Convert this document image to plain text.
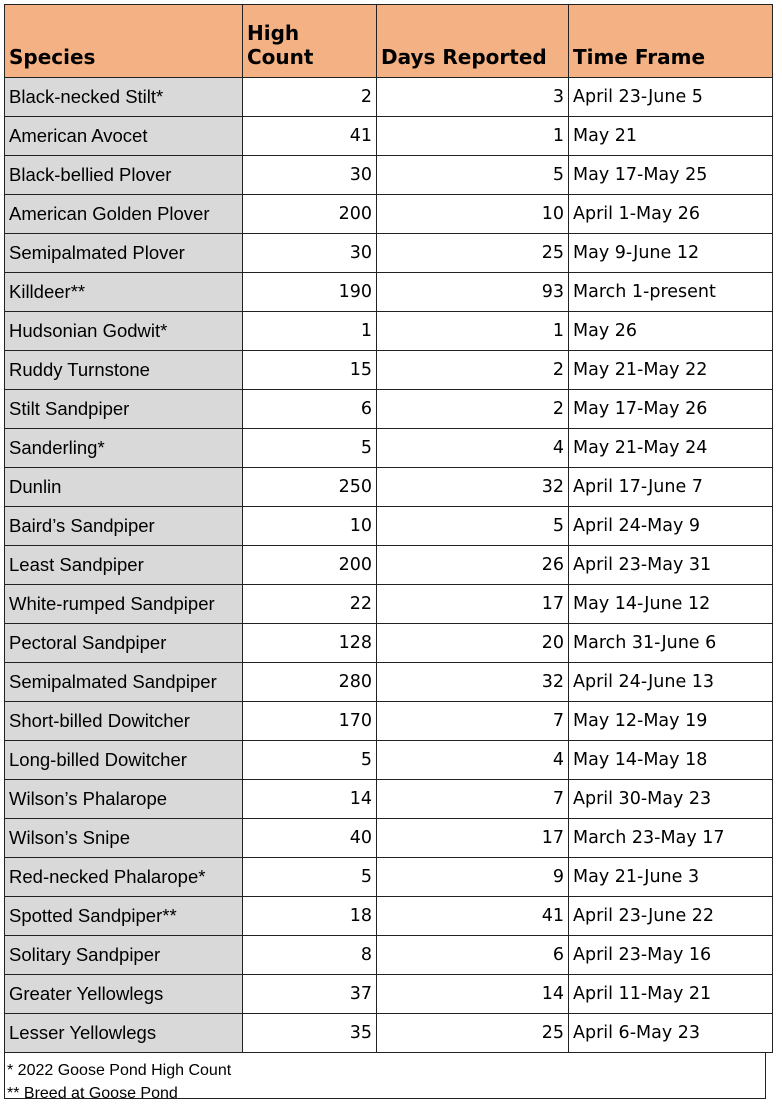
Species	High Count	Days Reported	Time Frame
Black-necked Stilt*	2	3	April 23-June 5
American Avocet	41	1	May 21
Black-bellied Plover	30	5	May 17-May 25
American Golden Plover	200	10	April 1-May 26
Semipalmated Plover	30	25	May 9-June 12
Killdeer**	190	93	March 1-present
Hudsonian Godwit*	1	1	May 26
Ruddy Turnstone	15	2	May 21-May 22
Stilt Sandpiper	6	2	May 17-May 26
Sanderling*	5	4	May 21-May 24
Dunlin	250	32	April 17-June 7
Baird’s Sandpiper	10	5	April 24-May 9
Least Sandpiper	200	26	April 23-May 31
White-rumped Sandpiper	22	17	May 14-June 12
Pectoral Sandpiper	128	20	March 31-June 6
Semipalmated Sandpiper	280	32	April 24-June 13
Short-billed Dowitcher	170	7	May 12-May 19
Long-billed Dowitcher	5	4	May 14-May 18
Wilson’s Phalarope	14	7	April 30-May 23
Wilson’s Snipe	40	17	March 23-May 17
Red-necked Phalarope*	5	9	May 21-June 3
Spotted Sandpiper**	18	41	April 23-June 22
Solitary Sandpiper	8	6	April 23-May 16
Greater Yellowlegs	37	14	April 11-May 21
Lesser Yellowlegs	35	25	April 6-May 23
* 2022 Goose Pond High Count
** Breed at Goose Pond
